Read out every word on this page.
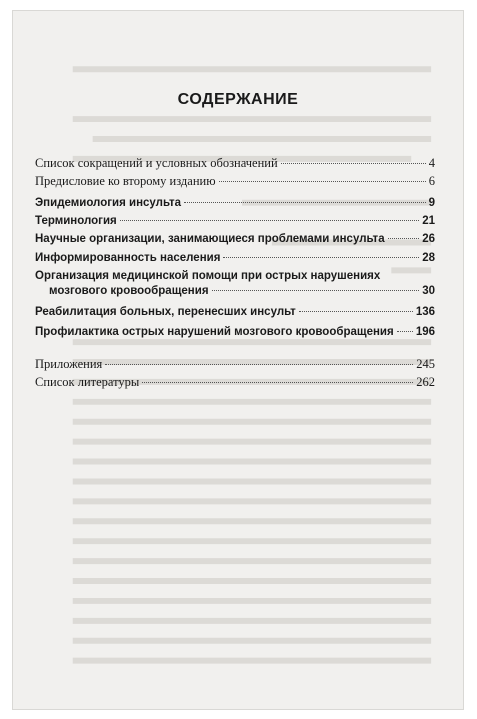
СОДЕРЖАНИЕ
Список сокращений и условных обозначений	4
Предисловие ко второму изданию	6
Эпидемиология инсульта	9
Терминология	21
Научные организации, занимающиеся проблемами инсульта	26
Информированность населения	28
Организация медицинской помощи при острых нарушениях
мозгового кровообращения	30
Реабилитация больных, перенесших инсульт	136
Профилактика острых нарушений мозгового кровообращения 196
Приложения	245
Список литературы	262
